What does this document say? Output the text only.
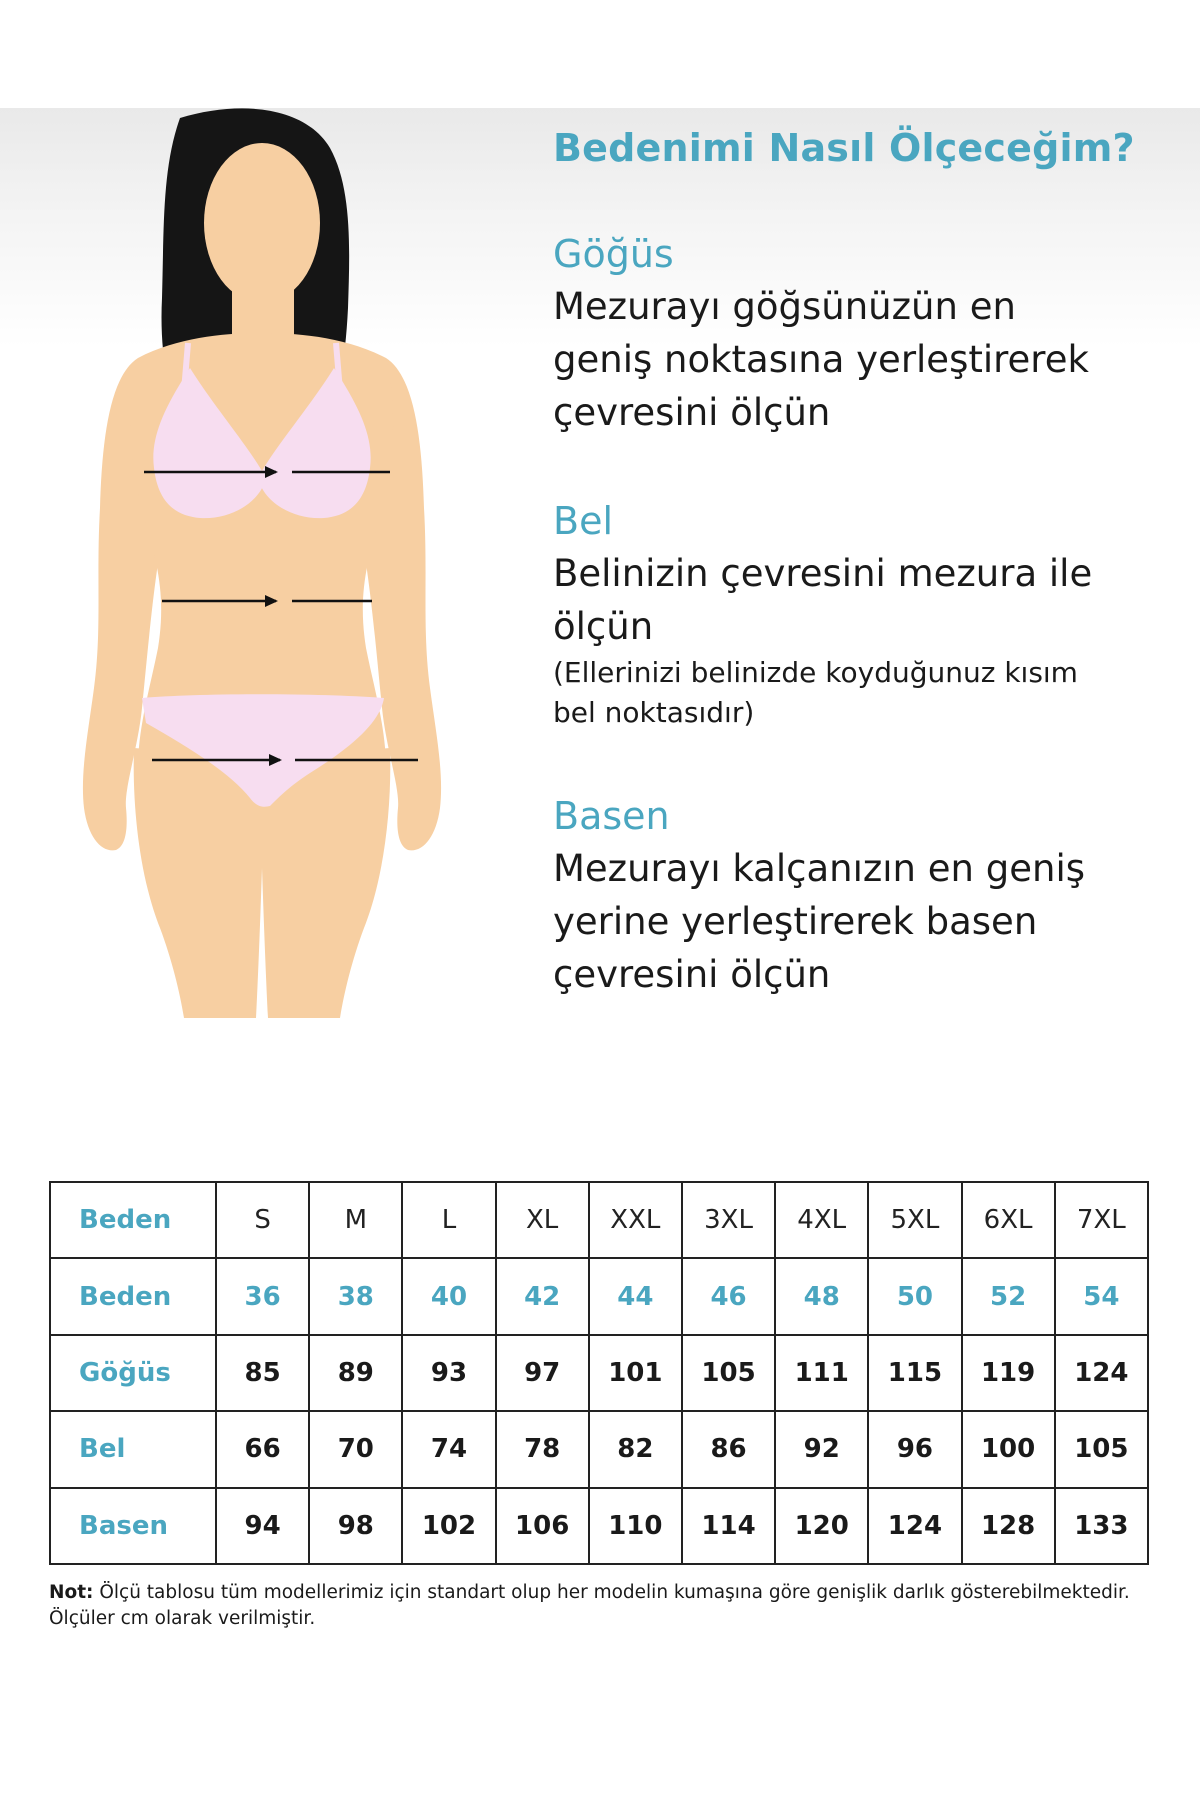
Bedenimi Nasıl Ölçeceğim?
Göğüs

Mezurayı göğsünüzün en

geniş noktasına yerleştirerek

çevresini ölçün

Bel

Belinizin çevresini mezura ile

ölçün

(Ellerinizi belinizde koyduğunuz kısım

bel noktasıdır)

Basen

Mezurayı kalçanızın en geniş

yerine yerleştirerek basen

çevresini ölçün

Beden	S	M	L	XL	XXL	3XL	4XL	5XL	6XL	7XL
Beden	36	38	40	42	44	46	48	50	52	54
Göğüs	85	89	93	97	101	105	111	115	119	124
Bel	66	70	74	78	82	86	92	96	100	105
Basen	94	98	102	106	110	114	120	124	128	133

Not: Ölçü tablosu tüm modellerimiz için standart olup her modelin kumaşına göre genişlik darlık gösterebilmektedir.
Ölçüler cm olarak verilmiştir.
